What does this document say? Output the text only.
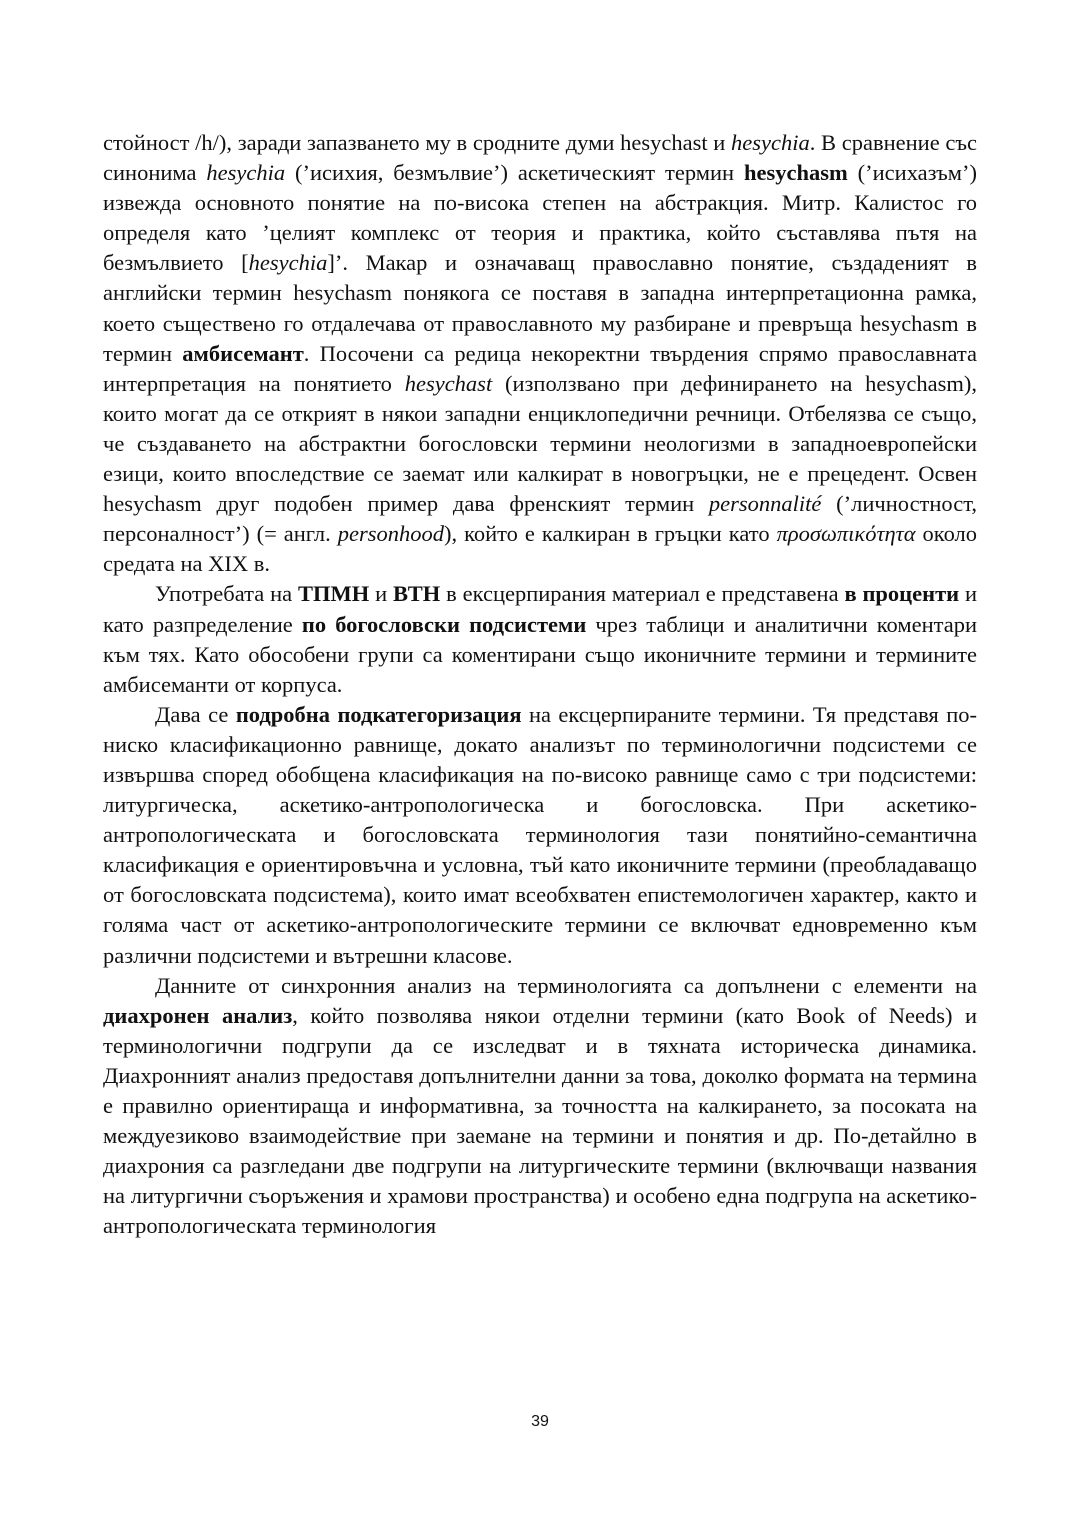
стойност /h/), заради запазването му в сродните думи hesychast и hesychia. В сравнение със синонима hesychia (’исихия, безмълвие’) аскетическият термин hesychasm (’исихазъм’) извежда основното понятие на по-висока степен на абстракция. Митр. Калистос го определя като ’целият комплекс от теория и практика, който съставлява пътя на безмълвието [hesychia]’. Макар и означаващ православно понятие, създаденият в английски термин hesychasm понякога се поставя в западна интерпретационна рамка, което съществено го отдалечава от православното му разбиране и превръща hesychasm в термин амбисемант. Посочени са редица некоректни твърдения спрямо православната интерпретация на понятието hesychast (използвано при дефинирането на hesychasm), които могат да се открият в някои западни енциклопедични речници. Отбелязва се също, че създаването на абстрактни богословски термини неологизми в западноевропейски езици, които впоследствие се заемат или калкират в новогръцки, не е прецедент. Освен hesychasm друг подобен пример дава френският термин personnalité (’личностност, персоналност’) (= англ. personhood), който е калкиран в гръцки като προσωπικότητα около средата на XIX в.

Употребата на ТПМН и ВТН в ексцерпирания материал е представена в проценти и като разпределение по богословски подсистеми чрез таблици и аналитични коментари към тях. Като обособени групи са коментирани също иконичните термини и термините амбисеманти от корпуса.

Дава се подробна подкатегоризация на ексцерпираните термини. Тя представя по-ниско класификационно равнище, докато анализът по терминологични подсистеми се извършва според обобщена класификация на по-високо равнище само с три подсистеми: литургическа, аскетико-антропологическа и богословска. При аскетико-антропологическата и богословската терминология тази понятийно-семантична класификация е ориентировъчна и условна, тъй като иконичните термини (преобладаващо от богословската подсистема), които имат всеобхватен епистемологичен характер, както и голяма част от аскетико-антропологическите термини се включват едновременно към различни подсистеми и вътрешни класове.

Данните от синхронния анализ на терминологията са допълнени с елементи на диахронен анализ, който позволява някои отделни термини (като Book of Needs) и терминологични подгрупи да се изследват и в тяхната историческа динамика. Диахронният анализ предоставя допълнителни данни за това, доколко формата на термина е правилно ориентираща и информативна, за точността на калкирането, за посоката на междуезиково взаимодействие при заемане на термини и понятия и др. По-детайлно в диахрония са разгледани две подгрупи на литургическите термини (включващи названия на литургични съоръжения и храмови пространства) и особено една подгрупа на аскетико-антропологическата терминология

39
